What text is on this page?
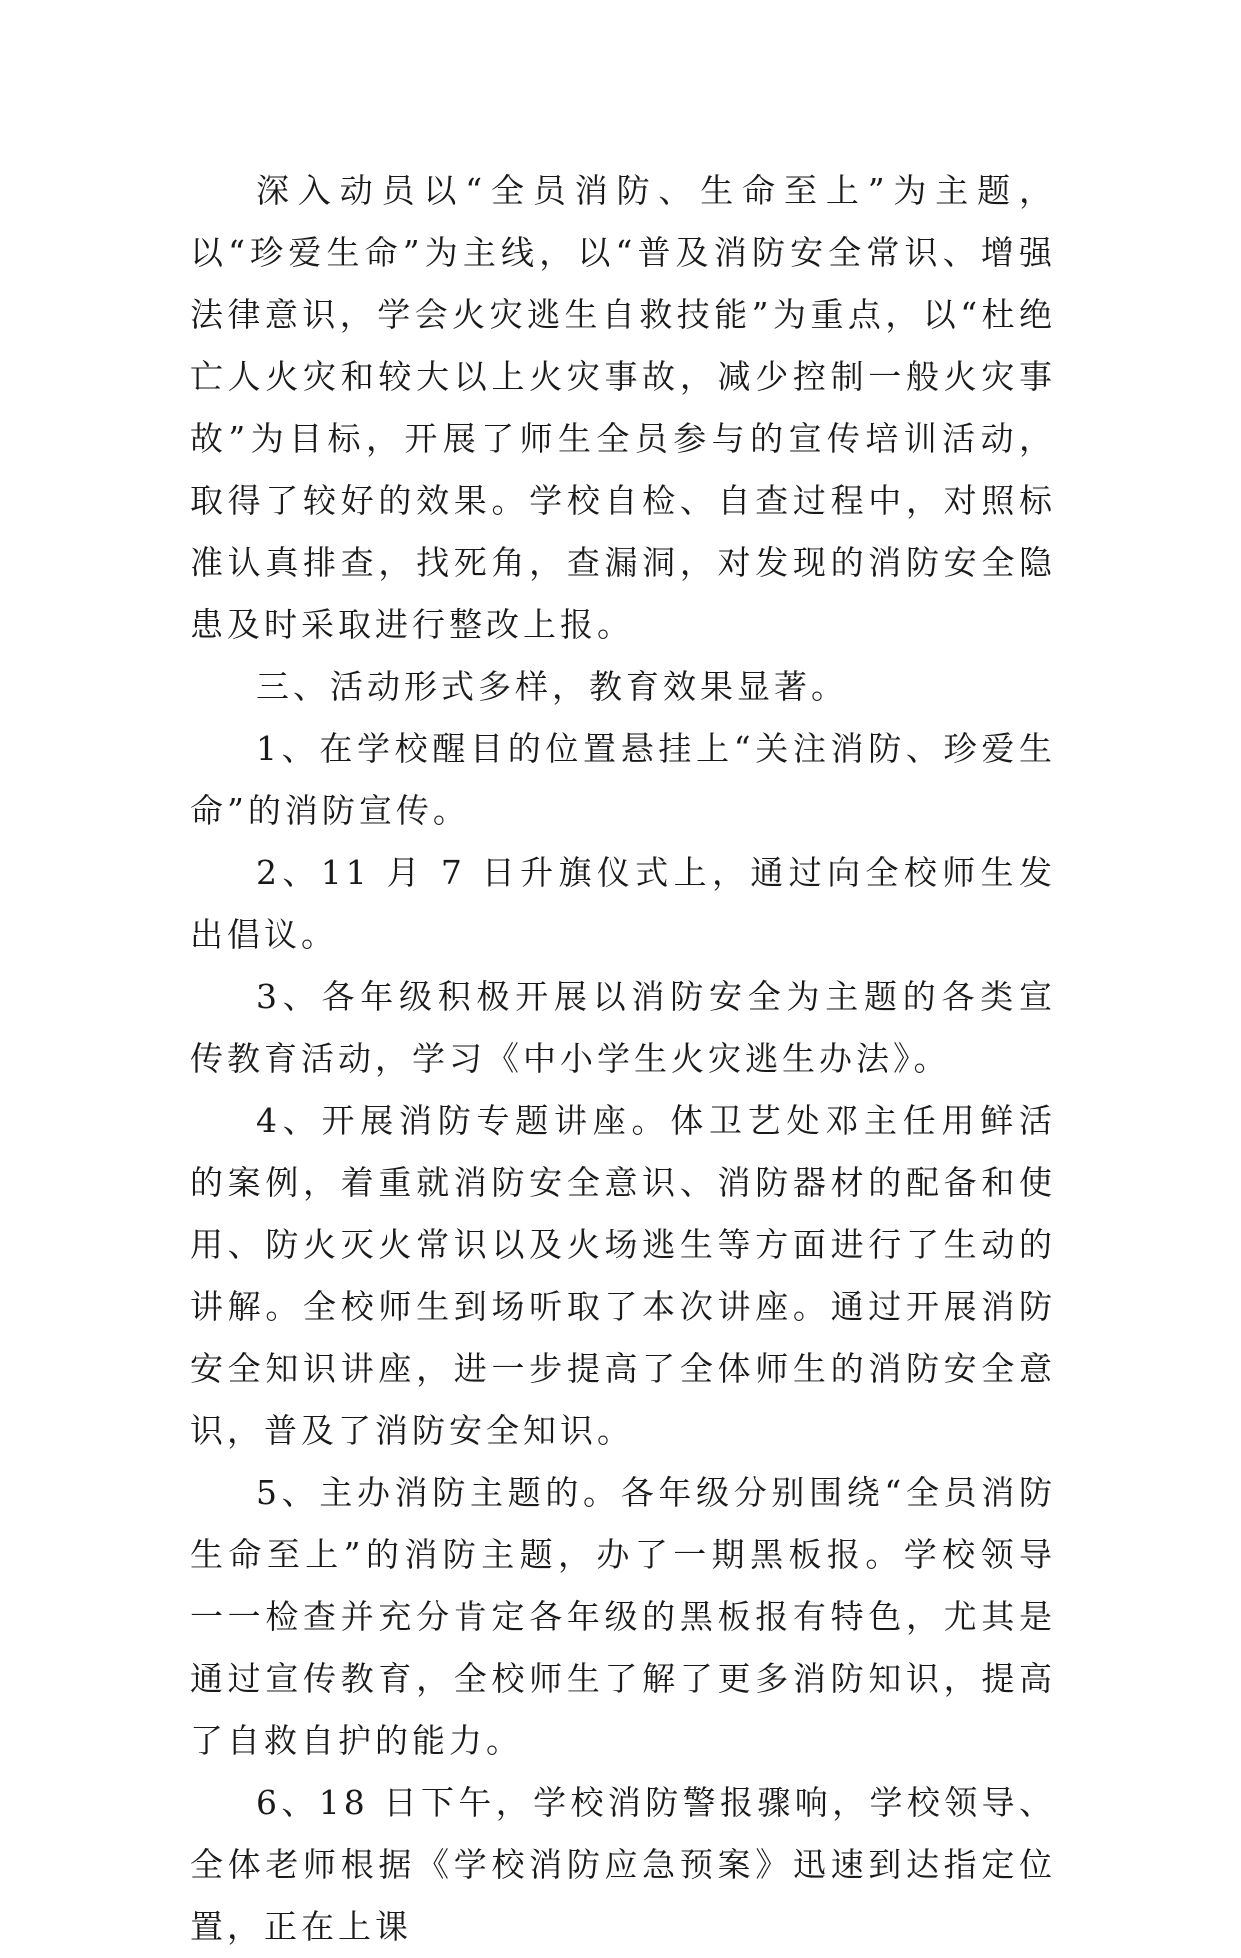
深入动员以“全员消防、生命至上”为主题，以“珍爱生命”为主线，以“普及消防安全常识、增强法律意识，学会火灾逃生自救技能”为重点，以“杜绝亡人火灾和较大以上火灾事故，减少控制一般火灾事故”为目标，开展了师生全员参与的宣传培训活动，取得了较好的效果。学校自检、自查过程中，对照标准认真排查，找死角，查漏洞，对发现的消防安全隐患及时采取进行整改上报。

三、活动形式多样，教育效果显著。

1、在学校醒目的位置悬挂上“关注消防、珍爱生命”的消防宣传。

2、11 月 7 日升旗仪式上，通过向全校师生发出倡议。

3、各年级积极开展以消防安全为主题的各类宣传教育活动，学习《中小学生火灾逃生办法》。

4、开展消防专题讲座。体卫艺处邓主任用鲜活的案例，着重就消防安全意识、消防器材的配备和使用、防火灭火常识以及火场逃生等方面进行了生动的讲解。全校师生到场听取了本次讲座。通过开展消防安全知识讲座，进一步提高了全体师生的消防安全意识，普及了消防安全知识。

5、主办消防主题的。各年级分别围绕“全员消防生命至上”的消防主题，办了一期黑板报。学校领导一一检查并充分肯定各年级的黑板报有特色，尤其是通过宣传教育，全校师生了解了更多消防知识，提高了自救自护的能力。

6、18 日下午，学校消防警报骤响，学校领导、全体老师根据《学校消防应急预案》迅速到达指定位置，正在上课
